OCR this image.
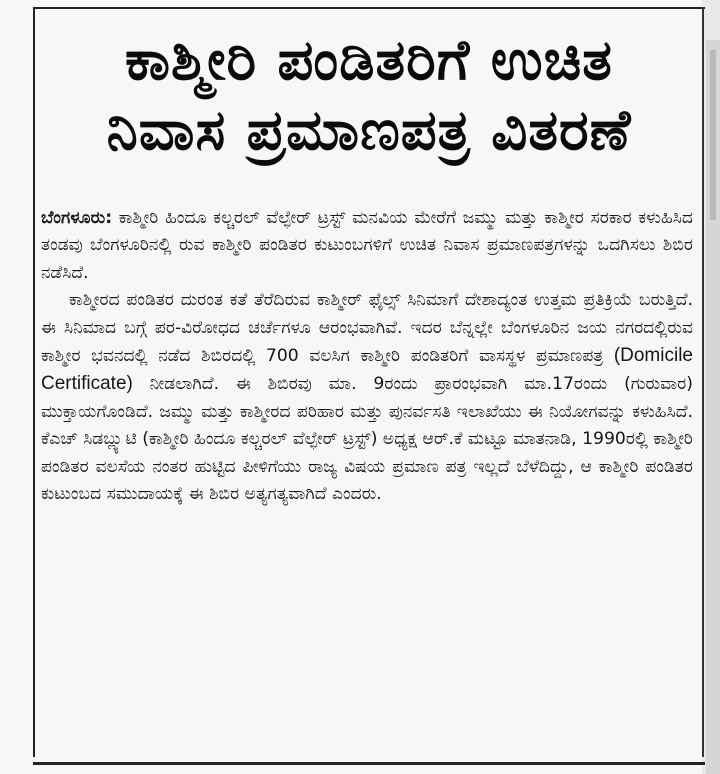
ಕಾಶ್ಮೀರಿ ಪಂಡಿತರಿಗೆ ಉಚಿತ
ನಿವಾಸ ಪ್ರಮಾಣಪತ್ರ ವಿತರಣೆ

ಬೆಂಗಳೂರು: ಕಾಶ್ಮೀರಿ ಹಿಂದೂ ಕಲ್ಚರಲ್ ವೆಲ್ಫೇರ್ ಟ್ರಸ್ಟ್ ಮನವಿಯ ಮೇರೆಗೆ ಜಮ್ಮು ಮತ್ತು ಕಾಶ್ಮೀರ ಸರಕಾರ ಕಳುಹಿಸಿದ ತಂಡವು ಬೆಂಗಳೂರಿನಲ್ಲಿ ರುವ ಕಾಶ್ಮೀರಿ ಪಂಡಿತರ ಕುಟುಂಬಗಳಿಗೆ ಉಚಿತ ನಿವಾಸ ಪ್ರಮಾಣಪತ್ರಗಳನ್ನು ಒದಗಿಸಲು ಶಿಬಿರ ನಡೆಸಿದೆ.

ಕಾಶ್ಮೀರದ ಪಂಡಿತರ ದುರಂತ ಕತೆ ತೆರೆದಿರುವ ಕಾಶ್ಮೀರ್ ಫೈಲ್ಸ್ ಸಿನಿಮಾಗೆ ದೇಶಾದ್ಯಂತ ಉತ್ತಮ ಪ್ರತಿಕ್ರಿಯೆ ಬರುತ್ತಿದೆ. ಈ ಸಿನಿಮಾದ ಬಗ್ಗೆ ಪರ-ವಿರೋಧದ ಚರ್ಚೆಗಳೂ ಆರಂಭವಾಗಿವೆ. ಇದರ ಬೆನ್ನಲ್ಲೇ ಬೆಂಗಳೂರಿನ ಜಯ ನಗರದಲ್ಲಿರುವ ಕಾಶ್ಮೀರ ಭವನದಲ್ಲಿ ನಡೆದ ಶಿಬಿರದಲ್ಲಿ 700 ವಲಸಿಗ ಕಾಶ್ಮೀರಿ ಪಂಡಿತರಿಗೆ ವಾಸಸ್ಥಳ ಪ್ರಮಾಣಪತ್ರ (Domicile Certificate) ನೀಡಲಾಗಿದೆ. ಈ ಶಿಬಿರವು ಮಾ. 9ರಂದು ಪ್ರಾರಂಭವಾಗಿ ಮಾ.17ರಂದು (ಗುರುವಾರ) ಮುಕ್ತಾಯಗೊಂಡಿದೆ. ಜಮ್ಮು ಮತ್ತು ಕಾಶ್ಮೀರದ ಪರಿಹಾರ ಮತ್ತು ಪುನರ್ವಸತಿ ಇಲಾಖೆಯು ಈ ನಿಯೋಗವನ್ನು ಕಳುಹಿಸಿದೆ. ಕೆಎಚ್ ಸಿಡಬ್ಲ್ಯುಟಿ (ಕಾಶ್ಮೀರಿ ಹಿಂದೂ ಕಲ್ಚರಲ್ ವೆಲ್ಫೇರ್ ಟ್ರಸ್ಟ್) ಅಧ್ಯಕ್ಷ ಆರ್.ಕೆ ಮಟ್ಟೂ ಮಾತನಾಡಿ, 1990ರಲ್ಲಿ ಕಾಶ್ಮೀರಿ ಪಂಡಿತರ ವಲಸೆಯ ನಂತರ ಹುಟ್ಟಿದ ಪೀಳಿಗೆಯು ರಾಜ್ಯ ವಿಷಯ ಪ್ರಮಾಣ ಪತ್ರ ಇಲ್ಲದೆ ಬೆಳೆದಿದ್ದು, ಆ ಕಾಶ್ಮೀರಿ ಪಂಡಿತರ ಕುಟುಂಬದ ಸಮುದಾಯಕ್ಕೆ ಈ ಶಿಬಿರ ಅತ್ಯಗತ್ಯವಾಗಿದೆ ಎಂದರು.
